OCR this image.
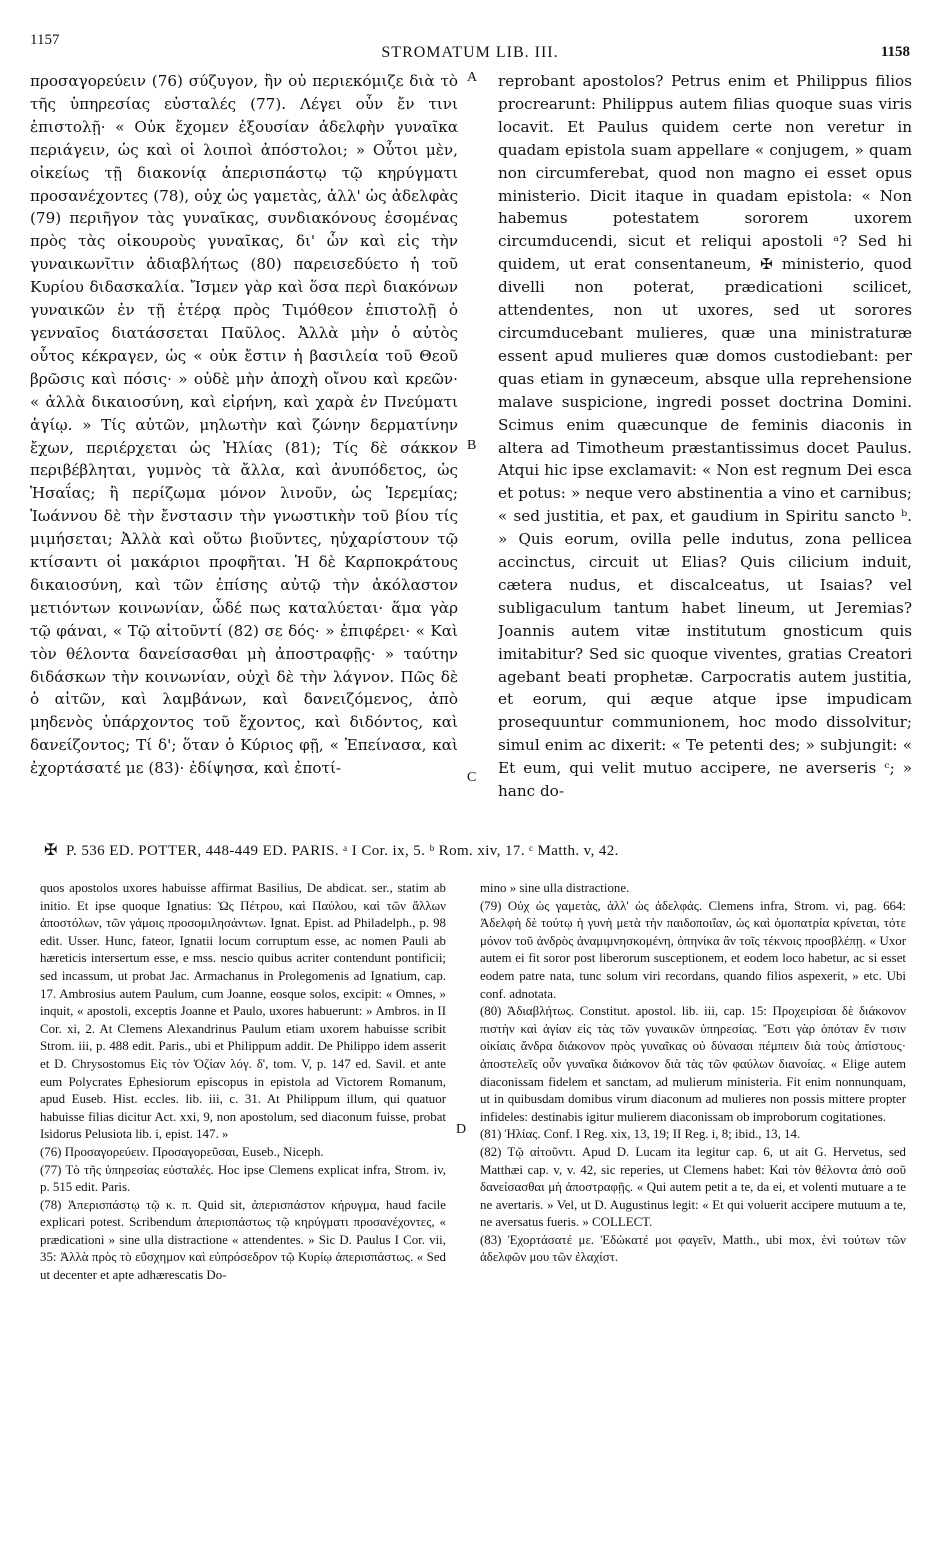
1157
STROMATUM LIB. III.	1158

προσαγορεύειν (76) σύζυγον, ἣν οὐ περιεκόμιζε διὰ τὸ τῆς ὑπηρεσίας εὐσταλές (77). Λέγει οὖν ἔν τινι ἐπιστολῇ· « Οὐκ ἔχομεν ἐξουσίαν ἀδελφὴν γυναῖκα περιάγειν, ὡς καὶ οἱ λοιποὶ ἀπόστολοι; » Οὗτοι μὲν, οἰκείως τῇ διακονίᾳ ἀπερισπάστῳ τῷ κηρύγματι προσανέχοντες (78), οὐχ ὡς γαμετὰς, ἀλλ' ὡς ἀδελφὰς (79) περιῆγον τὰς γυναῖκας, συνδιακόνους ἐσομένας πρὸς τὰς οἰκουροὺς γυναῖκας, δι' ὧν καὶ εἰς τὴν γυναικωνῖτιν ἀδιαβλήτως (80) παρεισεδύετο ἡ τοῦ Κυρίου διδασκαλία. Ἴσμεν γὰρ καὶ ὅσα περὶ διακόνων γυναικῶν ἐν τῇ ἑτέρᾳ πρὸς Τιμόθεον ἐπιστολῇ ὁ γενναῖος διατάσσεται Παῦλος. Ἀλλὰ μὴν ὁ αὐτὸς οὗτος κέκραγεν, ὡς « οὐκ ἔστιν ἡ βασιλεία τοῦ Θεοῦ βρῶσις καὶ πόσις· » οὐδὲ μὴν ἀποχὴ οἴνου καὶ κρεῶν· « ἀλλὰ δικαιοσύνη, καὶ εἰρήνη, καὶ χαρὰ ἐν Πνεύματι ἁγίῳ. » Τίς αὐτῶν, μηλωτὴν καὶ ζώνην δερματίνην ἔχων, περιέρχεται ὡς Ἠλίας (81); Τίς δὲ σάκκον περιβέβληται, γυμνὸς τὰ ἄλλα, καὶ ἀνυπόδετος, ὡς Ἡσαΐας; ἢ περίζωμα μόνον λινοῦν, ὡς Ἱερεμίας; Ἰωάννου δὲ τὴν ἔνστασιν τὴν γνωστικὴν τοῦ βίου τίς μιμήσεται; Ἀλλὰ καὶ οὕτω βιοῦντες, ηὐχαρίστουν τῷ κτίσαντι οἱ μακάριοι προφῆται. Ἡ δὲ Καρποκράτους δικαιοσύνη, καὶ τῶν ἐπίσης αὐτῷ τὴν ἀκόλαστον μετιόντων κοινωνίαν, ὧδέ πως καταλύεται· ἅμα γὰρ τῷ φάναι, « Τῷ αἰτοῦντί (82) σε δός· » ἐπιφέρει· « Καὶ τὸν θέλοντα δανείσασθαι μὴ ἀποστραφῇς· » ταύτην διδάσκων τὴν κοινωνίαν, οὐχὶ δὲ τὴν λάγνον. Πῶς δὲ ὁ αἰτῶν, καὶ λαμβάνων, καὶ δανειζόμενος, ἀπὸ μηδενὸς ὑπάρχοντος τοῦ ἔχοντος, καὶ διδόντος, καὶ δανείζοντος; Τί δ'; ὅταν ὁ Κύριος φῇ, « Ἐπείνασα, καὶ ἐχορτάσατέ με (83)· ἐδίψησα, καὶ ἐποτί-

A
B
C

reprobant apostolos? Petrus enim et Philippus filios procrearunt: Philippus autem filias quoque suas viris locavit. Et Paulus quidem certe non veretur in quadam epistola suam appellare « conjugem, » quam non circumferebat, quod non magno ei esset opus ministerio. Dicit itaque in quadam epistola: « Non habemus potestatem sororem uxorem circumducendi, sicut et reliqui apostoli ᵃ? Sed hi quidem, ut erat consentaneum, ✠ ministerio, quod divelli non poterat, prædicationi scilicet, attendentes, non ut uxores, sed ut sorores circumducebant mulieres, quæ una ministraturæ essent apud mulieres quæ domos custodiebant: per quas etiam in gynæceum, absque ulla reprehensione malave suspicione, ingredi posset doctrina Domini. Scimus enim quæcunque de feminis diaconis in altera ad Timotheum præstantissimus docet Paulus. Atqui hic ipse exclamavit: « Non est regnum Dei esca et potus: » neque vero abstinentia a vino et carnibus; « sed justitia, et pax, et gaudium in Spiritu sancto ᵇ. » Quis eorum, ovilla pelle indutus, zona pellicea accinctus, circuit ut Elias? Quis cilicium induit, cætera nudus, et discalceatus, ut Isaias? vel subligaculum tantum habet lineum, ut Jeremias? Joannis autem vitæ institutum gnosticum quis imitabitur? Sed sic quoque viventes, gratias Creatori agebant beati prophetæ. Carpocratis autem justitia, et eorum, qui æque atque ipse impudicam prosequuntur communionem, hoc modo dissolvitur; simul enim ac dixerit: « Te petenti des; » subjungit: « Et eum, qui velit mutuo accipere, ne averseris ᶜ; » hanc do-

✠ P. 536 ED. POTTER, 448-449 ED. PARIS. ᵃ I Cor. ix, 5. ᵇ Rom. xiv, 17. ᶜ Matth. v, 42.

quos apostolos uxores habuisse affirmat Basilius, De abdicat. ser., statim ab initio. Et ipse quoque Ignatius: Ὡς Πέτρου, καὶ Παύλου, καὶ τῶν ἄλλων ἀποστόλων, τῶν γάμοις προσομιλησάντων. Ignat. Epist. ad Philadelph., p. 98 edit. Usser. Hunc, fateor, Ignatii locum corruptum esse, ac nomen Pauli ab hæreticis intersertum esse, e mss. nescio quibus acriter contendunt pontificii; sed incassum, ut probat Jac. Armachanus in Prolegomenis ad Ignatium, cap. 17. Ambrosius autem Paulum, cum Joanne, eosque solos, excipit: « Omnes, » inquit, « apostoli, exceptis Joanne et Paulo, uxores habuerunt: » Ambros. in II Cor. xi, 2. At Clemens Alexandrinus Paulum etiam uxorem habuisse scribit Strom. iii, p. 488 edit. Paris., ubi et Philippum addit. De Philippo idem asserit et D. Chrysostomus Εἰς τὸν Ὀζίαν λόγ. δ', tom. V, p. 147 ed. Savil. et ante eum Polycrates Ephesiorum episcopus in epistola ad Victorem Romanum, apud Euseb. Hist. eccles. lib. iii, c. 31. At Philippum illum, qui quatuor habuisse filias dicitur Act. xxi, 9, non apostolum, sed diaconum fuisse, probat Isidorus Pelusiota lib. i, epist. 147. »

(76) Προσαγορεύειν. Προσαγορεῦσαι, Euseb., Niceph.

(77) Τὸ τῆς ὑπηρεσίας εὐσταλές. Hoc ipse Clemens explicat infra, Strom. iv, p. 515 edit. Paris.

(78) Ἀπερισπάστῳ τῷ κ. π. Quid sit, ἀπερισπάστον κήρυγμα, haud facile explicari potest. Scribendum ἀπερισπάστως τῷ κηρύγματι προσανέχοντες, « prædicationi » sine ulla distractione « attendentes. » Sic D. Paulus I Cor. vii, 35: Ἀλλὰ πρὸς τὸ εὔσχημον καὶ εὐπρόσεδρον τῷ Κυρίῳ ἀπερισπάστως. « Sed ut decenter et apte adhærescatis Do-

D

mino » sine ulla distractione.

(79) Οὐχ ὡς γαμετὰς, ἀλλ' ὡς ἀδελφάς. Clemens infra, Strom. vi, pag. 664: Ἀδελφὴ δὲ τούτῳ ἡ γυνὴ μετὰ τὴν παιδοποιΐαν, ὡς καὶ ὁμοπατρία κρίνεται, τότε μόνον τοῦ ἀνδρὸς ἀναμιμνησκομένη, ὁπηνίκα ἂν τοῖς τέκνοις προσβλέπῃ. « Uxor autem ei fit soror post liberorum susceptionem, et eodem loco habetur, ac si esset eodem patre nata, tunc solum viri recordans, quando filios aspexerit, » etc. Ubi conf. adnotata.

(80) Ἀδιαβλήτως. Constitut. apostol. lib. iii, cap. 15: Προχειρίσαι δὲ διάκονον πιστὴν καὶ ἁγίαν εἰς τὰς τῶν γυναικῶν ὑπηρεσίας. Ἔστι γὰρ ὁπόταν ἔν τισιν οἰκίαις ἄνδρα διάκονον πρὸς γυναῖκας οὐ δύνασαι πέμπειν διὰ τοὺς ἀπίστους· ἀποστελεῖς οὖν γυναῖκα διάκονον διὰ τὰς τῶν φαύλων διανοίας. « Elige autem diaconissam fidelem et sanctam, ad mulierum ministeria. Fit enim nonnunquam, ut in quibusdam domibus virum diaconum ad mulieres non possis mittere propter infideles: destinabis igitur mulierem diaconissam ob improborum cogitationes.

(81) Ἠλίας. Conf. I Reg. xix, 13, 19; II Reg. i, 8; ibid., 13, 14.

(82) Τῷ αἰτοῦντι. Apud D. Lucam ita legitur cap. 6, ut ait G. Hervetus, sed Matthæi cap. v, v. 42, sic reperies, ut Clemens habet: Καὶ τὸν θέλοντα ἀπὸ σοῦ δανείσασθαι μὴ ἀποστραφῇς. « Qui autem petit a te, da ei, et volenti mutuare a te ne avertaris. » Vel, ut D. Augustinus legit: « Et qui voluerit accipere mutuum a te, ne aversatus fueris. » COLLECT.

(83) Ἐχορτάσατέ με. Ἐδώκατέ μοι φαγεῖν, Matth., ubi mox, ἑνὶ τούτων τῶν ἀδελφῶν μου τῶν ἐλαχίστ.
